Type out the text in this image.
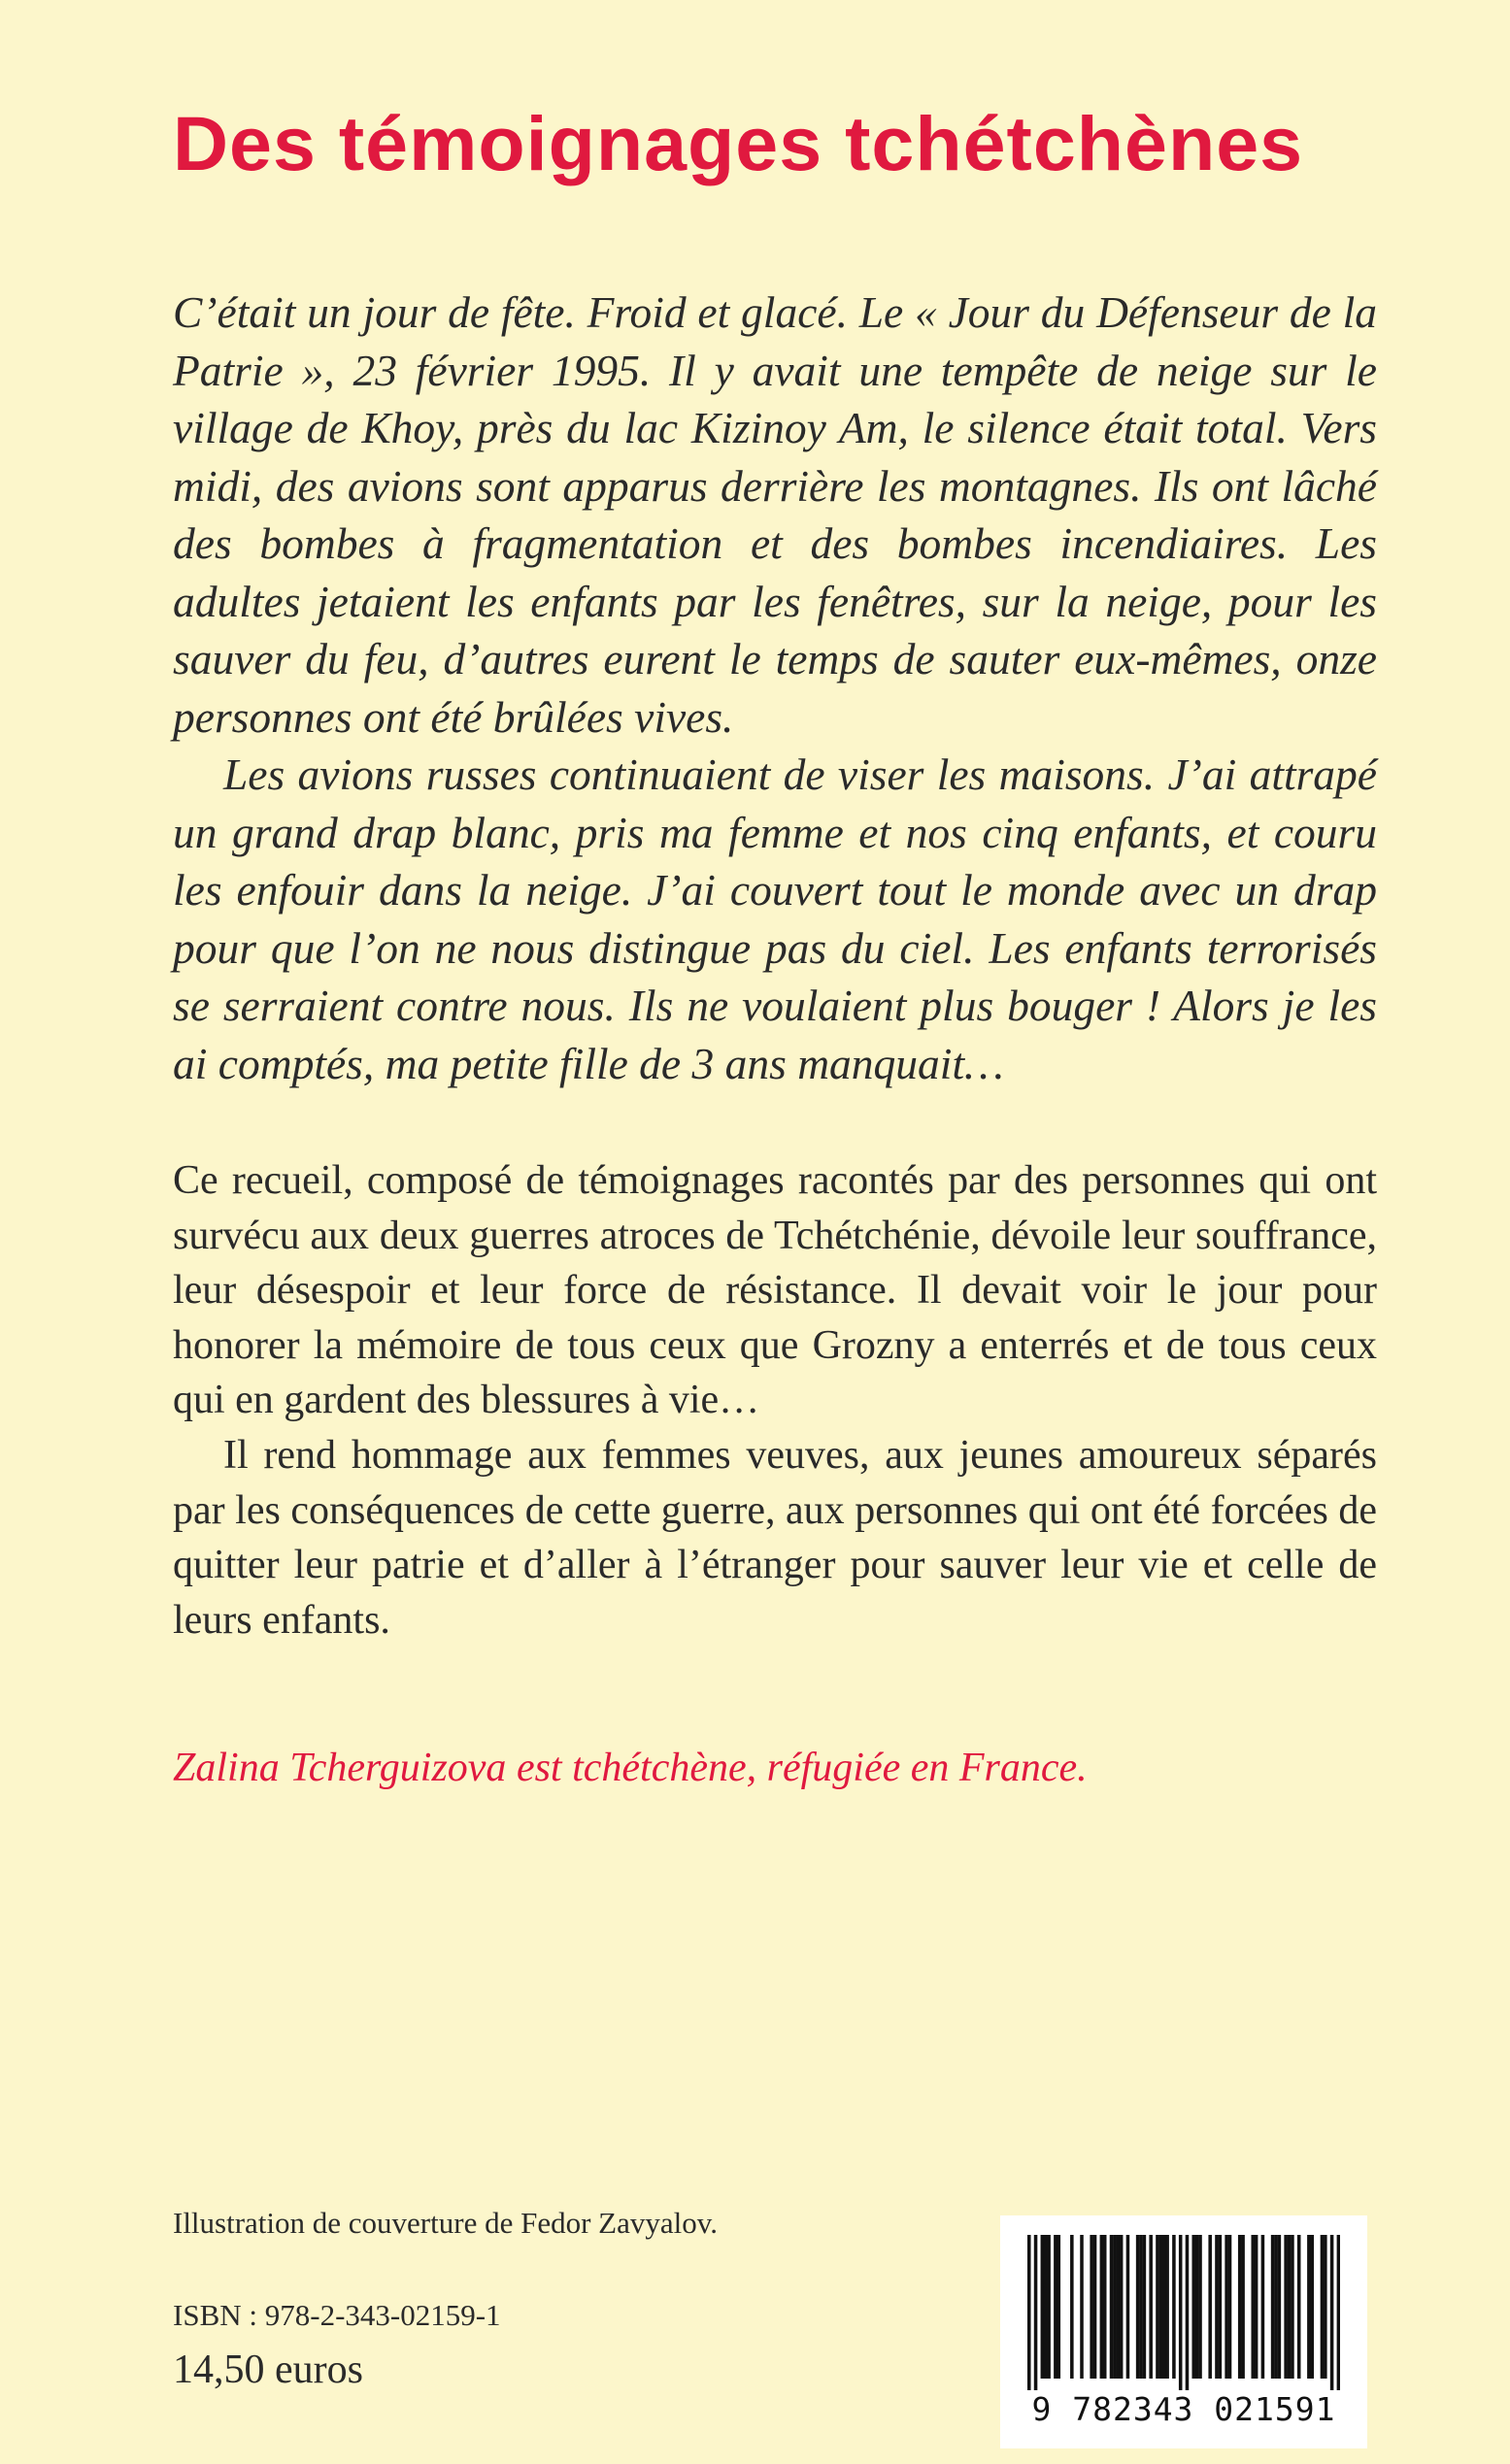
Des témoignages tchétchènes

C’était un jour de fête. Froid et glacé. Le « Jour du Défenseur de la Patrie », 23 février 1995. Il y avait une tempête de neige sur le village de Khoy, près du lac Kizinoy Am, le silence était total. Vers midi, des avions sont apparus derrière les montagnes. Ils ont lâché des bombes à fragmentation et des bombes incendiaires. Les adultes jetaient les enfants par les fenêtres, sur la neige, pour les sauver du feu, d’autres eurent le temps de sauter eux-mêmes, onze personnes ont été brûlées vives.

Les avions russes continuaient de viser les maisons. J’ai attrapé un grand drap blanc, pris ma femme et nos cinq enfants, et couru les enfouir dans la neige. J’ai couvert tout le monde avec un drap pour que l’on ne nous distingue pas du ciel. Les enfants terrorisés se serraient contre nous. Ils ne voulaient plus bouger ! Alors je les ai comptés, ma petite fille de 3 ans manquait…

Ce recueil, composé de témoignages racontés par des personnes qui ont survécu aux deux guerres atroces de Tchétchénie, dévoile leur souffrance, leur désespoir et leur force de résistance. Il devait voir le jour pour honorer la mémoire de tous ceux que Grozny a enterrés et de tous ceux qui en gardent des blessures à vie…

Il rend hommage aux femmes veuves, aux jeunes amoureux séparés par les conséquences de cette guerre, aux personnes qui ont été forcées de quitter leur patrie et d’aller à l’étranger pour sauver leur vie et celle de leurs enfants.

Zalina Tcherguizova est tchétchène, réfugiée en France.

Illustration de couverture de Fedor Zavyalov.
ISBN : 978-2-343-02159-1
14,50 euros
9 782343 021591
